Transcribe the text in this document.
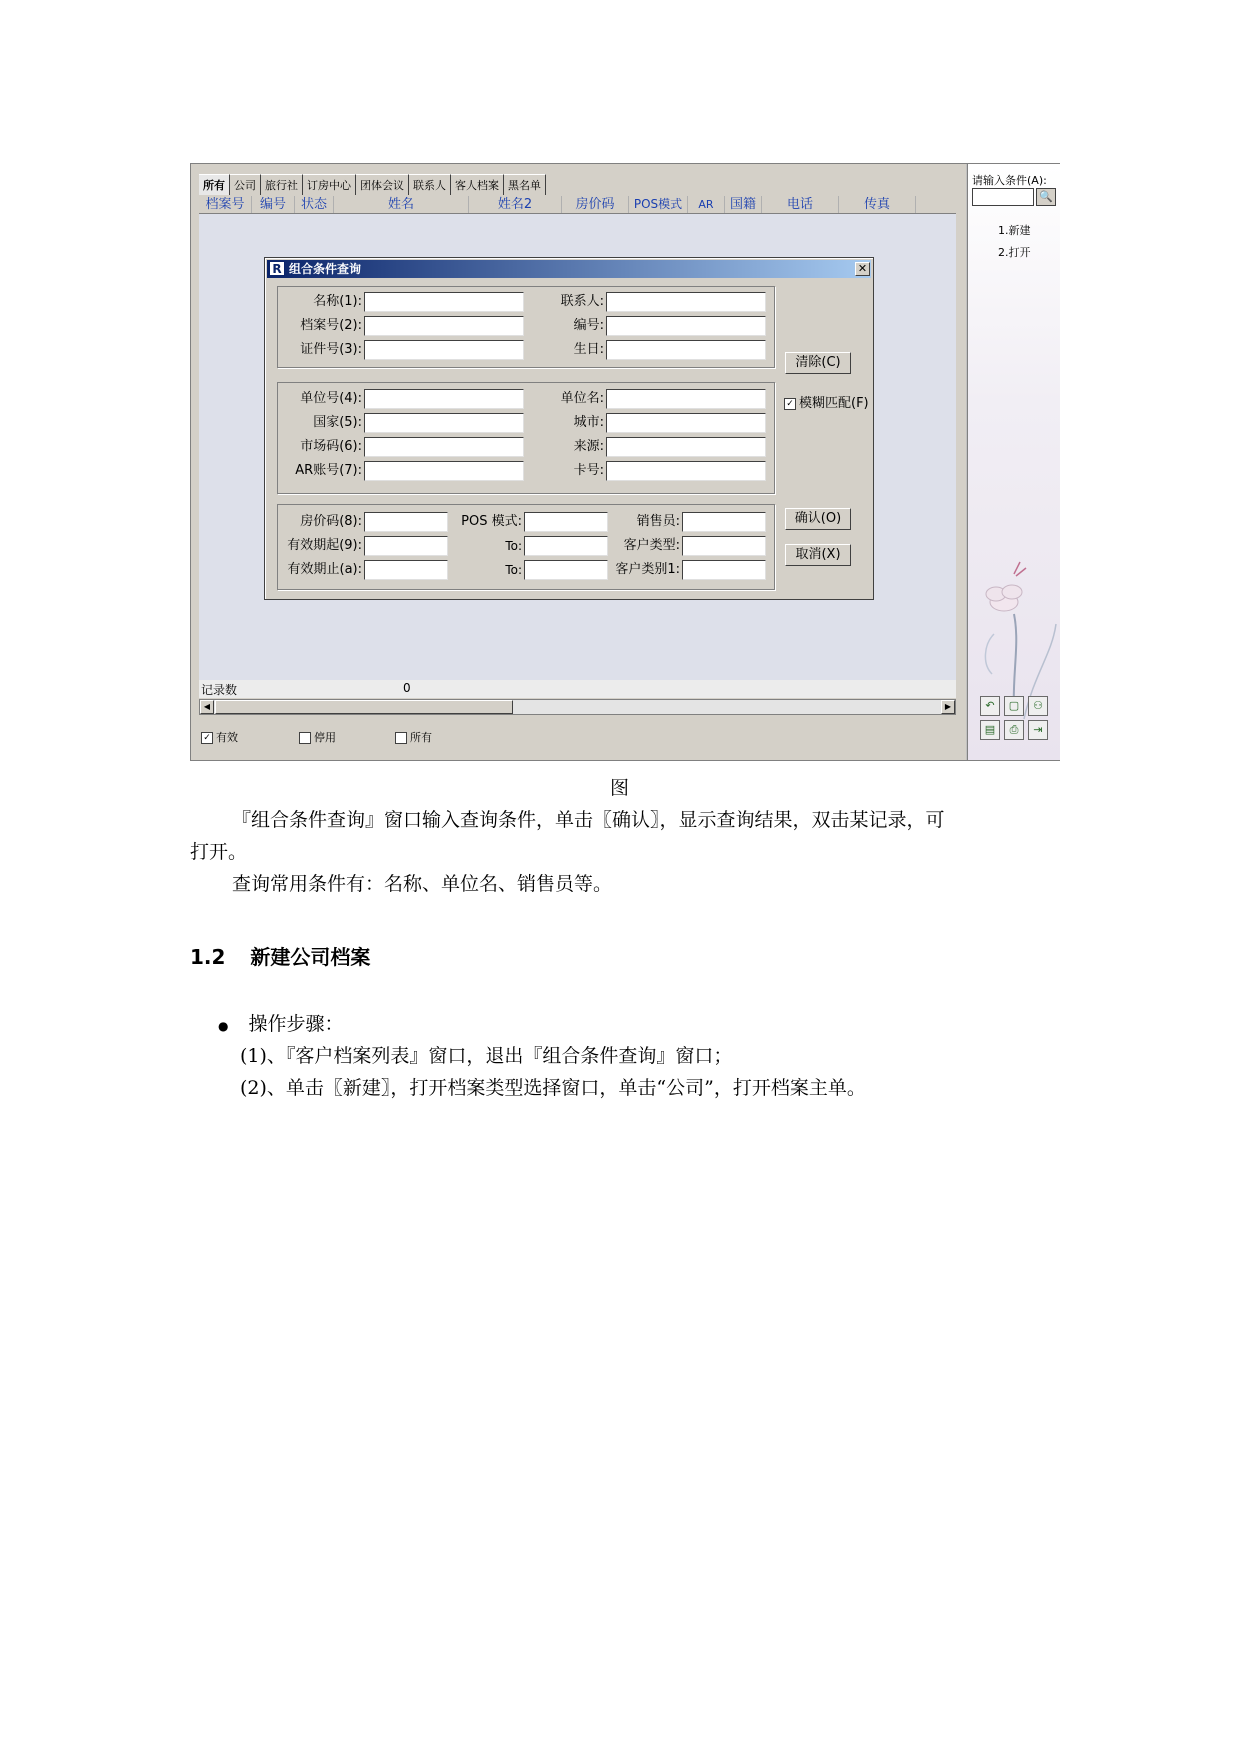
所有 公司 旅行社 订房中心 团体会议 联系人 客人档案 黑名单
档案号	编号	状态	姓名	姓名2	房价码	POS模式	AR	国籍	电话	传真
记录数	0
◀	▶
✓ 有效	停用	所有
R 组合条件查询	✕
名称(1):
档案号(2):
证件号(3):
联系人:
编号:
生日:
单位号(4):
国家(5):
市场码(6):
AR账号(7):
单位名:
城市:
来源:
卡号:
房价码(8):
有效期起(9):
有效期止(a):
POS 模式:
To:
To:
销售员:
客户类型:
客户类别1:
清除(C)
✓ 模糊匹配(F)
确认(O)
取消(X)
请输入条件(A):
🔍
1.新建
2.打开
↶	▢	⚇
▤	⎙	⇥
图
『组合条件查询』窗口输入查询条件，单击〖确认〗，显示查询结果，双击某记录，可
打开。
查询常用条件有：名称、单位名、销售员等。
1.2 新建公司档案
● 操作步骤：
(1)、『客户档案列表』窗口，退出『组合条件查询』窗口；
(2)、单击〖新建〗，打开档案类型选择窗口，单击“公司”，打开档案主单。
